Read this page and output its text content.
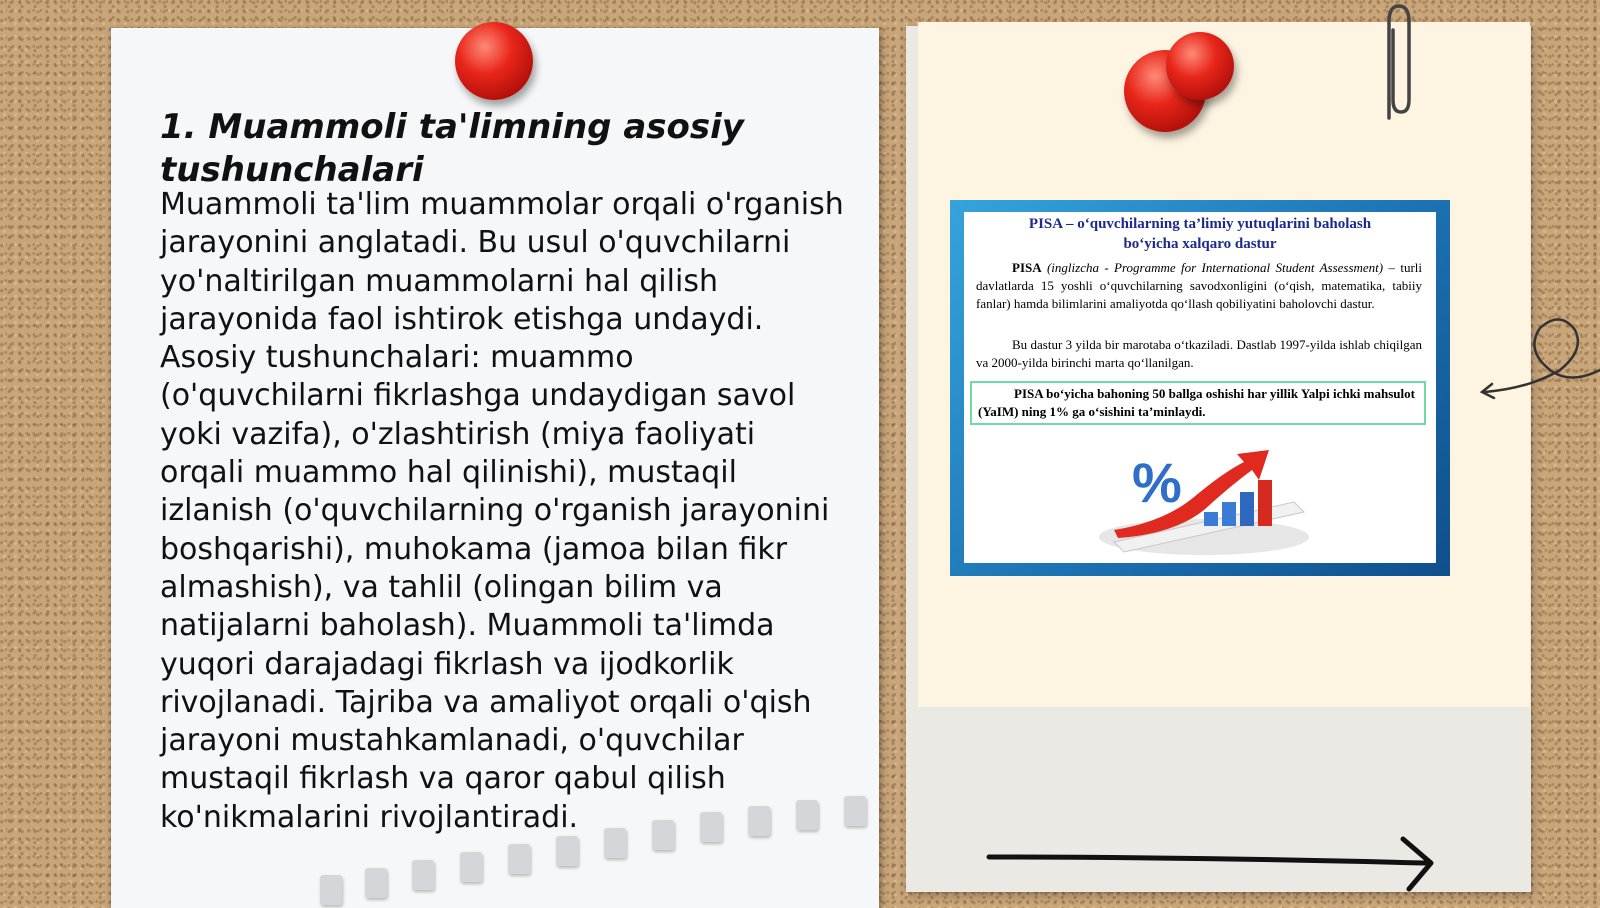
1. Muammoli ta'limning asosiy tushunchalari

Muammoli ta'lim muammolar orqali o'rganish jarayonini anglatadi. Bu usul o'quvchilarni yo'naltirilgan muammolarni hal qilish jarayonida faol ishtirok etishga undaydi. Asosiy tushunchalari: muammo (o'quvchilarni fikrlashga undaydigan savol yoki vazifa), o'zlashtirish (miya faoliyati orqali muammo hal qilinishi), mustaqil izlanish (o'quvchilarning o'rganish jarayonini boshqarishi), muhokama (jamoa bilan fikr almashish), va tahlil (olingan bilim va natijalarni baholash). Muammoli ta'limda yuqori darajadagi fikrlash va ijodkorlik rivojlanadi. Tajriba va amaliyot orqali o'qish jarayoni mustahkamlanadi, o'quvchilar mustaqil fikrlash va qaror qabul qilish ko'nikmalarini rivojlantiradi.

PISA – o‘quvchilarning ta’limiy yutuqlarini baholash
bo‘yicha xalqaro dastur

PISA (inglizcha - Programme for International Student Assessment) – turli davlatlarda 15 yoshli o‘quvchilarning savodxonligini (o‘qish, matematika, tabiiy fanlar) hamda bilimlarini amaliyotda qo‘llash qobiliyatini baholovchi dastur.

Bu dastur 3 yilda bir marotaba o‘tkaziladi. Dastlab 1997-yilda ishlab chiqilgan va 2000-yilda birinchi marta qo‘llanilgan.

PISA bo‘yicha bahoning 50 ballga oshishi har yillik Yalpi ichki mahsulot (YaIM) ning 1% ga o‘sishini ta’minlaydi.

%
